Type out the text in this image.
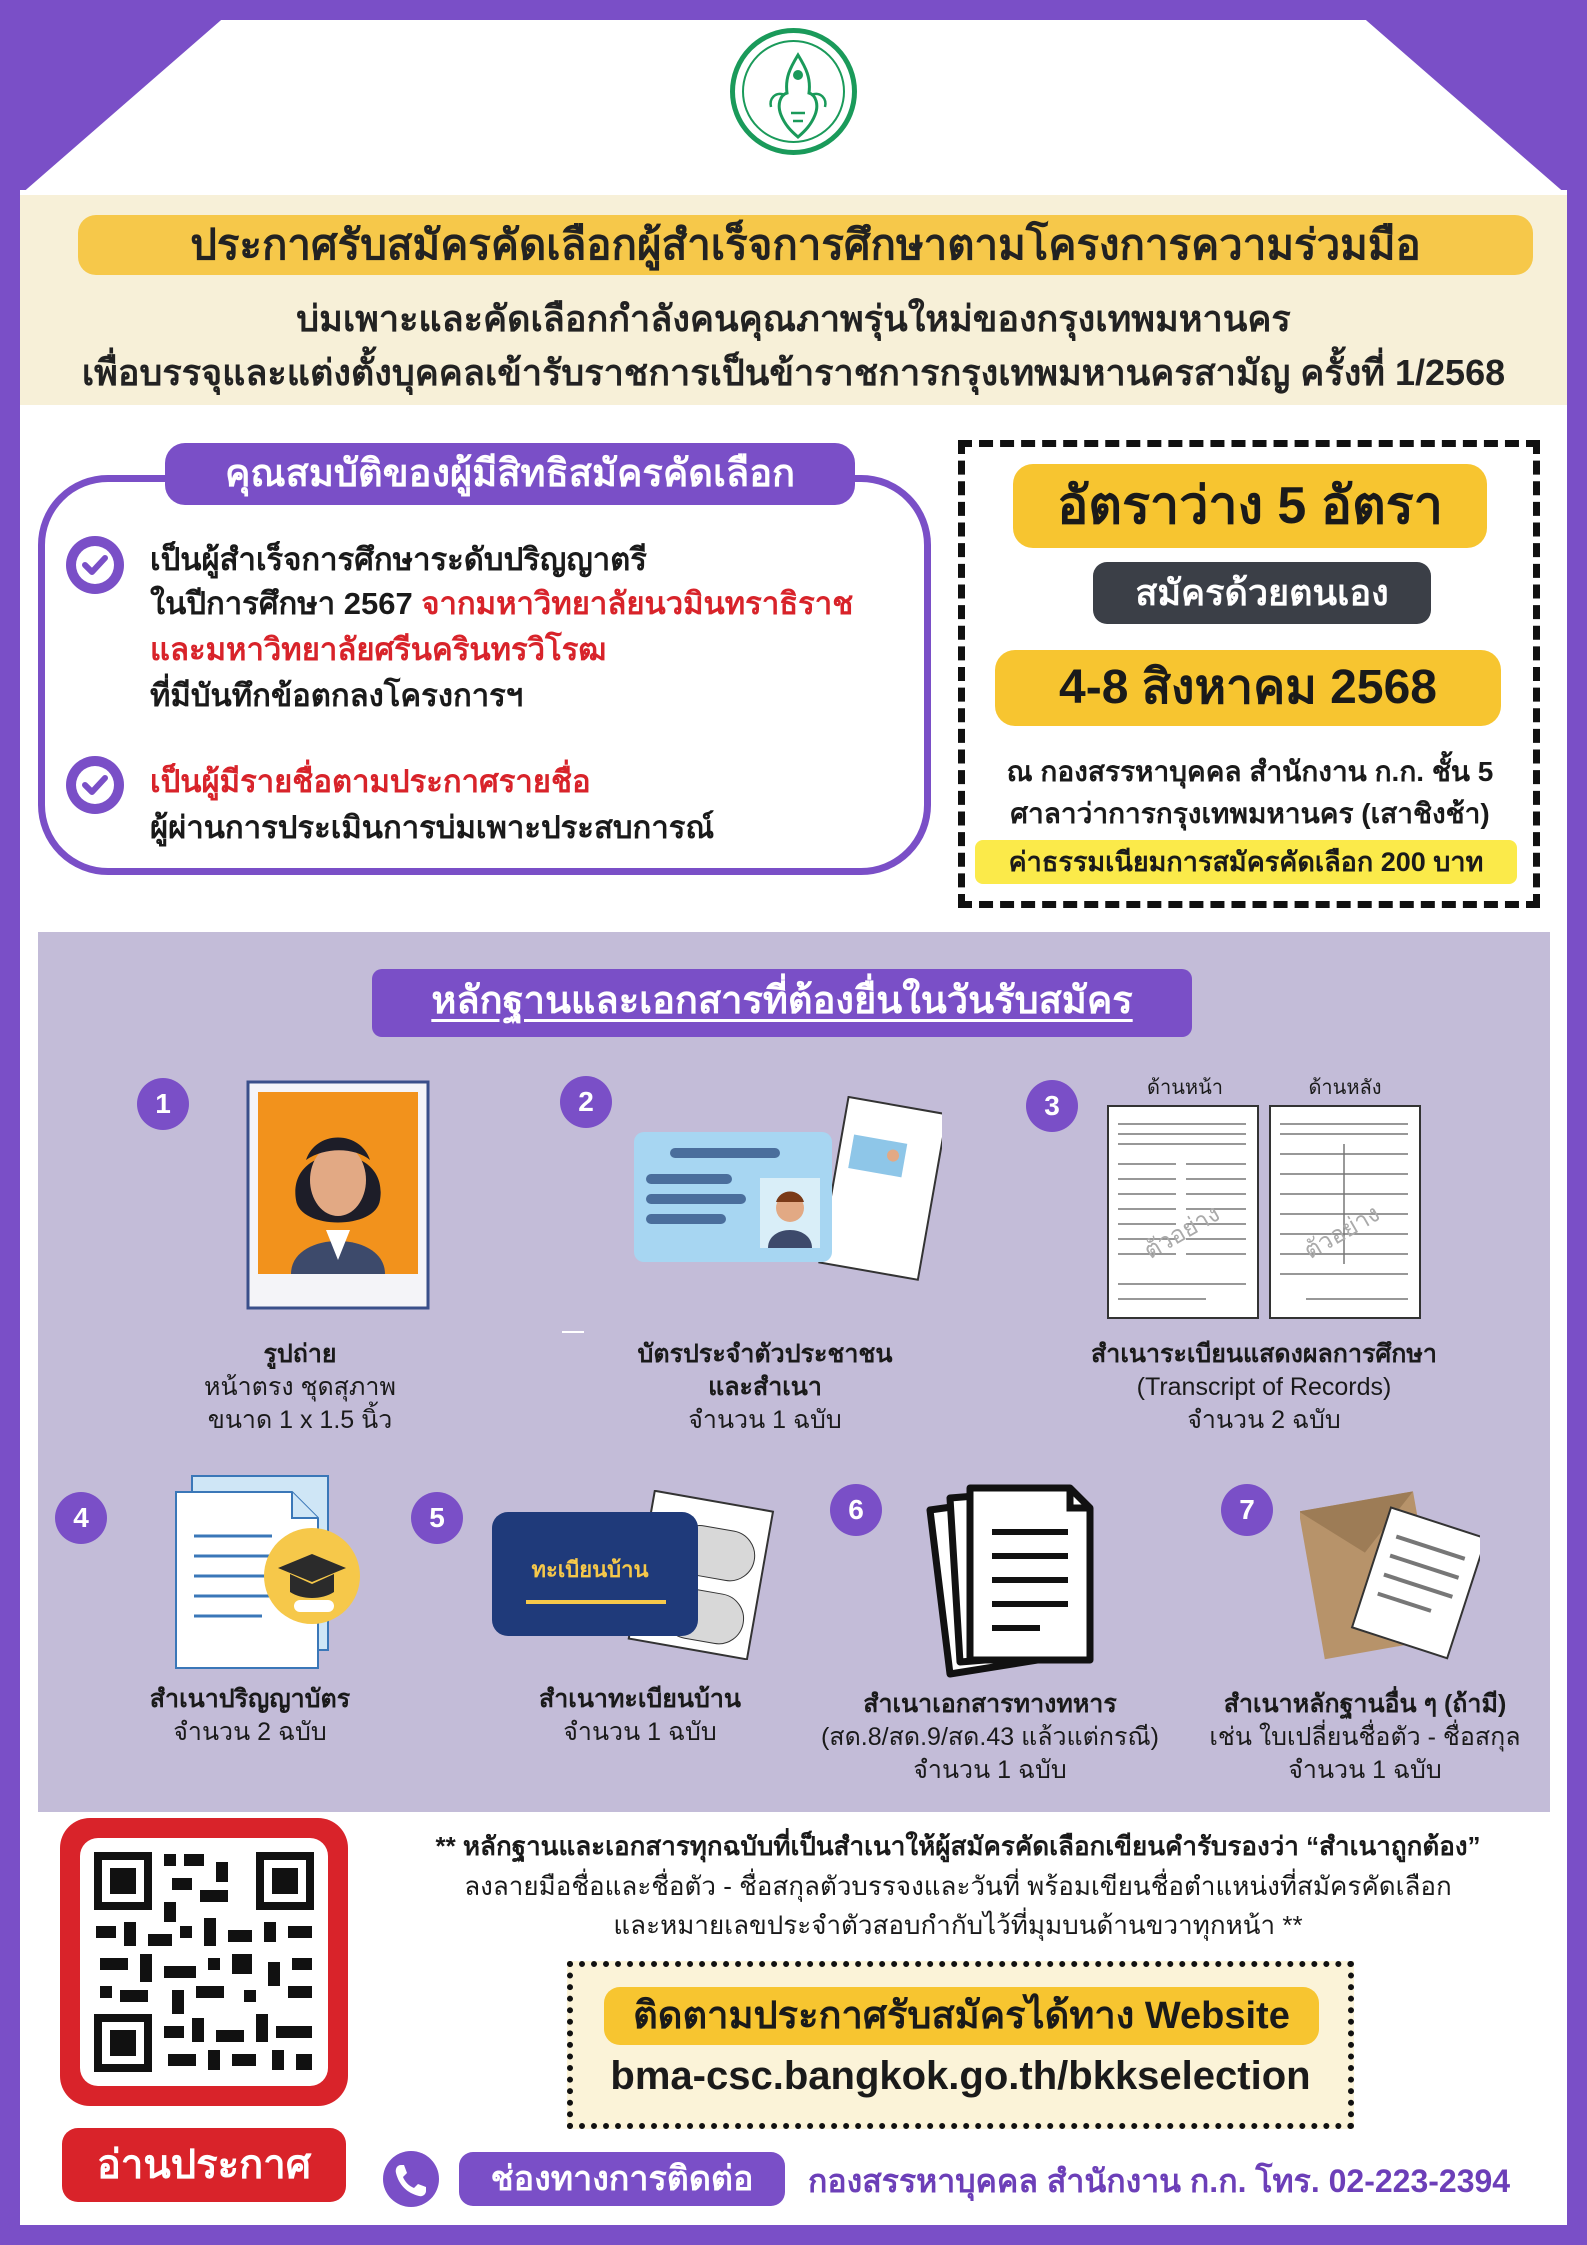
ประกาศรับสมัครคัดเลือกผู้สำเร็จการศึกษาตามโครงการความร่วมมือ
บ่มเพาะและคัดเลือกกำลังคนคุณภาพรุ่นใหม่ของกรุงเทพมหานคร
เพื่อบรรจุและแต่งตั้งบุคคลเข้ารับราชการเป็นข้าราชการกรุงเทพมหานครสามัญ ครั้งที่ 1/2568
คุณสมบัติของผู้มีสิทธิสมัครคัดเลือก
เป็นผู้สำเร็จการศึกษาระดับปริญญาตรี
ในปีการศึกษา 2567 จากมหาวิทยาลัยนวมินทราธิราช
และมหาวิทยาลัยศรีนครินทรวิโรฒ
ที่มีบันทึกข้อตกลงโครงการฯ
เป็นผู้มีรายชื่อตามประกาศรายชื่อ
ผู้ผ่านการประเมินการบ่มเพาะประสบการณ์
อัตราว่าง 5 อัตรา
สมัครด้วยตนเอง
4-8 สิงหาคม 2568
ณ กองสรรหาบุคคล สำนักงาน ก.ก. ชั้น 5
ศาลาว่าการกรุงเทพมหานคร (เสาชิงช้า)
ค่าธรรมเนียมการสมัครคัดเลือก 200 บาท
หลักฐานและเอกสารที่ต้องยื่นในวันรับสมัคร
1
รูปถ่าย
หน้าตรง ชุดสุภาพ
ขนาด 1 x 1.5 นิ้ว
2
บัตรประจำตัวประชาชน
และสำเนา
จำนวน 1 ฉบับ
3
ด้านหน้า	ด้านหลัง
ตัวอย่าง	ตัวอย่าง
สำเนาระเบียนแสดงผลการศึกษา
(Transcript of Records)
จำนวน 2 ฉบับ
4
สำเนาปริญญาบัตร
จำนวน 2 ฉบับ
5
ทะเบียนบ้าน
สำเนาทะเบียนบ้าน
จำนวน 1 ฉบับ
6
สำเนาเอกสารทางทหาร
(สด.8/สด.9/สด.43 แล้วแต่กรณี)
จำนวน 1 ฉบับ
7
สำเนาหลักฐานอื่น ๆ (ถ้ามี)
เช่น ใบเปลี่ยนชื่อตัว - ชื่อสกุล
จำนวน 1 ฉบับ
อ่านประกาศ
** หลักฐานและเอกสารทุกฉบับที่เป็นสำเนาให้ผู้สมัครคัดเลือกเขียนคำรับรองว่า “สำเนาถูกต้อง”
ลงลายมือชื่อและชื่อตัว - ชื่อสกุลตัวบรรจงและวันที่ พร้อมเขียนชื่อตำแหน่งที่สมัครคัดเลือก
และหมายเลขประจำตัวสอบกำกับไว้ที่มุมบนด้านขวาทุกหน้า **
ติดตามประกาศรับสมัครได้ทาง Website
bma-csc.bangkok.go.th/bkkselection
ช่องทางการติดต่อ	กองสรรหาบุคคล สำนักงาน ก.ก. โทร. 02-223-2394
